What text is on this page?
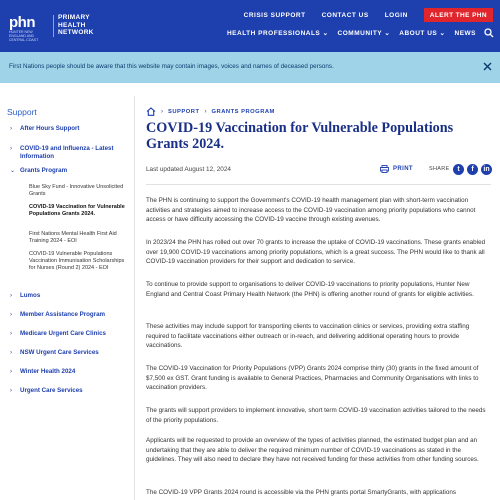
phn
HUNTER NEW ENGLAND AND CENTRAL COAST
PRIMARY HEALTH NETWORK
CRISIS SUPPORT CONTACT US LOGIN	ALERT THE PHN
HEALTH PROFESSIONALS ⌄ COMMUNITY ⌄ ABOUT US ⌄ NEWS
First Nations people should be aware that this website may contain images, voices and names of deceased persons.
Support
› After Hours Support
› COVID-19 and Influenza - Latest Information
⌄ Grants Program
Blue Sky Fund - Innovative Unsolicited Grants
COVID-19 Vaccination for Vulnerable Populations Grants 2024.
First Nations Mental Health First Aid Training 2024 - EOI
COVID-19 Vulnerable Populations Vaccination Immunisation Scholarships for Nurses (Round 2) 2024 - EOI
› Lumos
› Member Assistance Program
› Medicare Urgent Care Clinics
› NSW Urgent Care Services
› Winter Health 2024
› Urgent Care Services
› SUPPORT › GRANTS PROGRAM
COVID-19 Vaccination for Vulnerable Populations Grants 2024.
Last updated August 12, 2024	PRINT	SHARE	t	f	in

The PHN is continuing to support the Government's COVID-19 health management plan with short-term vaccination activities and strategies aimed to increase access to the COVID-19 vaccination among priority populations who cannot access or have difficulty accessing the COVID-19 vaccine through existing avenues.

In 2023/24 the PHN has rolled out over 70 grants to increase the uptake of COVID-19 vaccinations. These grants enabled over 19,900 COVID-19 vaccinations among priority populations, which is a great success. The PHN would like to thank all COVID-19 vaccination providers for their support and dedication to service.

To continue to provide support to organisations to deliver COVID-19 vaccinations to priority populations, Hunter New England and Central Coast Primary Health Network (the PHN) is offering another round of grants for eligible activities.

These activities may include support for transporting clients to vaccination clinics or services, providing extra staffing required to facilitate vaccinations either outreach or in-reach, and delivering additional operating hours to provide vaccinations.

The COVID-19 Vaccination for Priority Populations (VPP) Grants 2024 comprise thirty (30) grants in the fixed amount of $7,500 ex GST. Grant funding is available to General Practices, Pharmacies and Community Organisations with links to vaccination providers.

The grants will support providers to implement innovative, short term COVID-19 vaccination activities tailored to the needs of the priority populations.

Applicants will be requested to provide an overview of the types of activities planned, the estimated budget plan and an undertaking that they are able to deliver the required minimum number of COVID-19 vaccinations as stated in the guidelines. They will also need to declare they have not received funding for these activities from other funding sources.

The COVID-19 VPP Grants 2024 round is accessible via the PHN grants portal SmartyGrants, with applications
